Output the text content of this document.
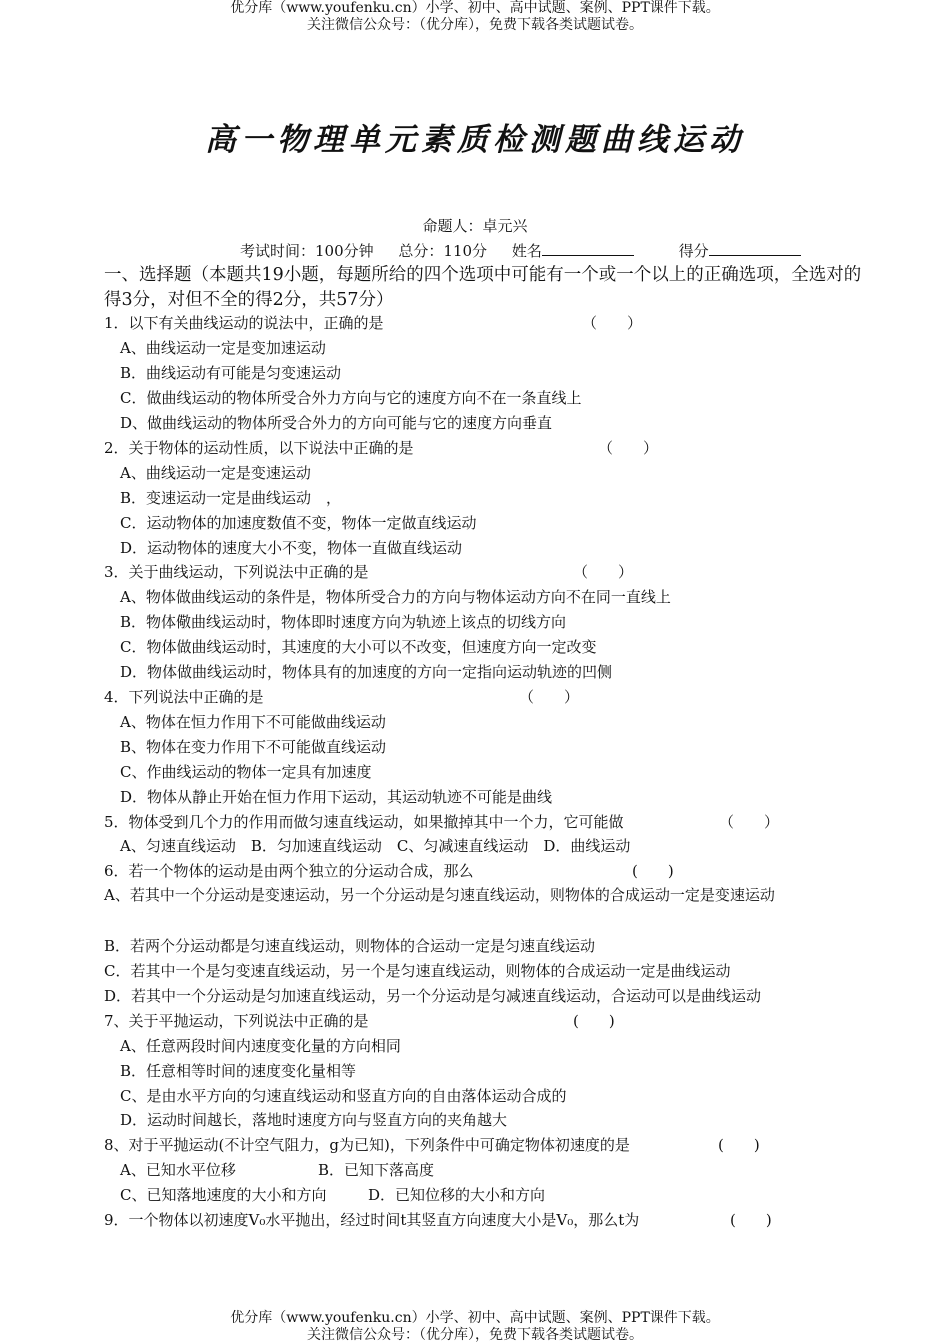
优分库（www.youfenku.cn）小学、初中、高中试题、案例、PPT课件下载。
关注微信公众号：（优分库），免费下载各类试题试卷。
高一物理单元素质检测题曲线运动
命题人：卓元兴
考试时间：100分钟 总分：110分 姓名	得分
一、选择题（本题共19小题，每题所给的四个选项中可能有一个或一个以上的正确选项，全选对的得3分，对但不全的得2分，共57分）
1．以下有关曲线运动的说法中，正确的是	（　　）
A、曲线运动一定是变加速运动
B．曲线运动有可能是匀变速运动
C．做曲线运动的物体所受合外力方向与它的速度方向不在一条直线上
D、做曲线运动的物体所受合外力的方向可能与它的速度方向垂直
2．关于物体的运动性质，以下说法中正确的是	（　　）
A、曲线运动一定是变速运动
B．变速运动一定是曲线运动　，
C．运动物体的加速度数值不变，物体一定做直线运动
D．运动物体的速度大小不变，物体一直做直线运动
3．关于曲线运动，下列说法中正确的是	（　　）
A、物体做曲线运动的条件是，物体所受合力的方向与物体运动方向不在同一直线上
B．物体儆曲线运动时，物体即时速度方向为轨迹上该点的切线方向
C．物体做曲线运动时，其速度的大小可以不改变，但速度方向一定改变
D．物体做曲线运动时，物体具有的加速度的方向一定指向运动轨迹的凹侧
4．下列说法中正确的是	（　　）
A、物体在恒力作用下不可能做曲线运动
B、物体在变力作用下不可能做直线运动
C、作曲线运动的物体一定具有加速度
D．物体从静止开始在恒力作用下运动，其运动轨迹不可能是曲线
5．物体受到几个力的作用而做匀速直线运动，如果撤掉其中一个力，它可能做	（　　）
A、匀速直线运动　B．匀加速直线运动　C、匀减速直线运动　D．曲线运动
6．若一个物体的运动是由两个独立的分运动合成，那么	(　　)
A、若其中一个分运动是变速运动，另一个分运动是匀速直线运动，则物体的合成运动一定是变速运动
B．若两个分运动都是匀速直线运动，则物体的合运动一定是匀速直线运动
C．若其中一个是匀变速直线运动，另一个是匀速直线运动，则物体的合成运动一定是曲线运动
D．若其中一个分运动是匀加速直线运动，另一个分运动是匀减速直线运动，合运动可以是曲线运动
7、关于平抛运动，下列说法中正确的是	(　　)
A、任意两段时间内速度变化量的方向相同
B．任意相等时间的速度变化量相等
C、是由水平方向的匀速直线运动和竖直方向的自由落体运动合成的
D．运动时间越长，落地时速度方向与竖直方向的夹角越大
8、对于平抛运动(不计空气阻力，g为已知)，下列条件中可确定物体初速度的是	(　　)
A、已知水平位移	B．已知下落高度
C、已知落地速度的大小和方向	D．已知位移的大小和方向
9．一个物体以初速度V₀水平抛出，经过时间t其竖直方向速度大小是V₀，那么t为	(　　)
优分库（www.youfenku.cn）小学、初中、高中试题、案例、PPT课件下载。
关注微信公众号：（优分库），免费下载各类试题试卷。
